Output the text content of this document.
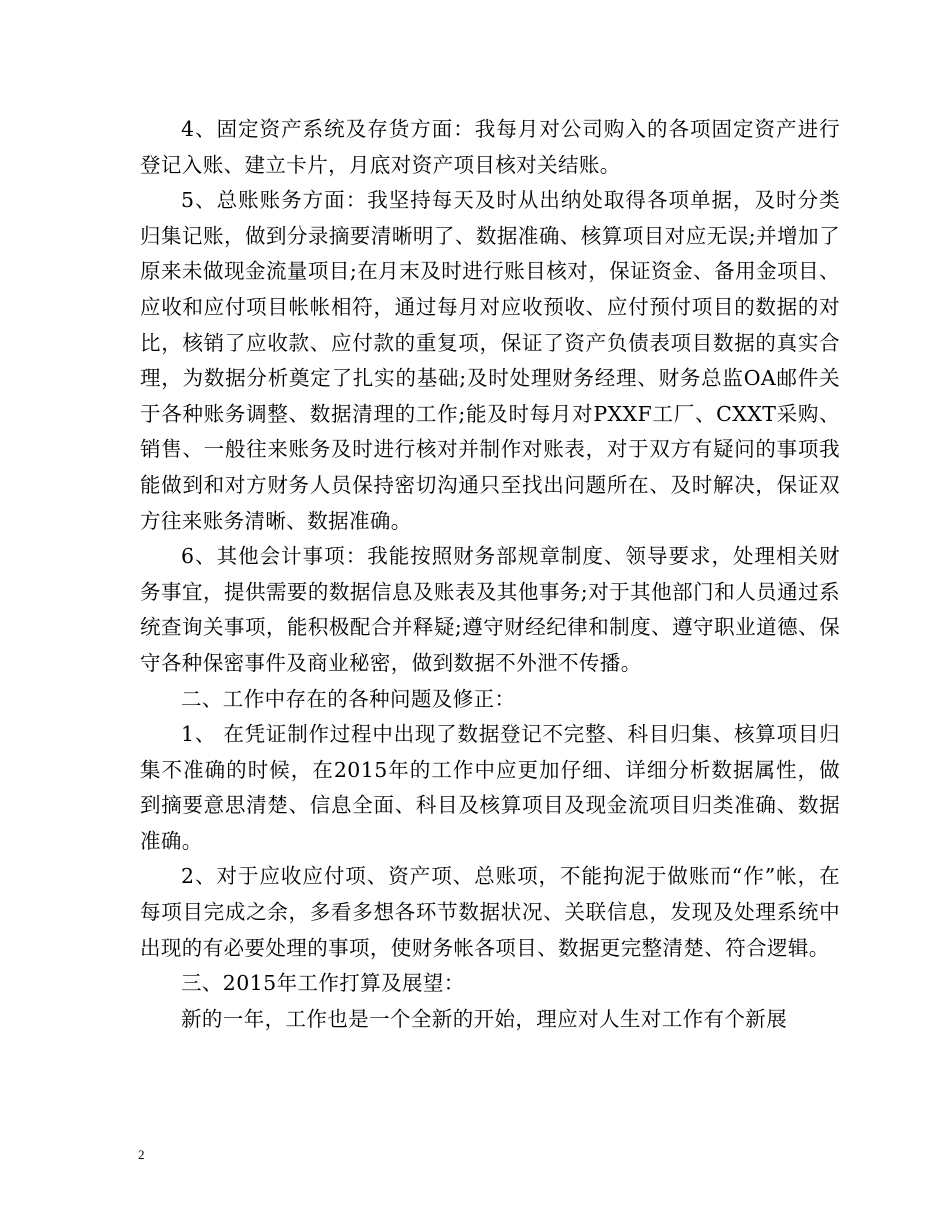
4、固定资产系统及存货方面：我每月对公司购入的各项固定资产进行登记入账、建立卡片，月底对资产项目核对关结账。

5、总账账务方面：我坚持每天及时从出纳处取得各项单据，及时分类归集记账，做到分录摘要清晰明了、数据准确、核算项目对应无误;并增加了原来未做现金流量项目;在月末及时进行账目核对，保证资金、备用金项目、应收和应付项目帐帐相符，通过每月对应收预收、应付预付项目的数据的对比，核销了应收款、应付款的重复项，保证了资产负债表项目数据的真实合理，为数据分析奠定了扎实的基础;及时处理财务经理、财务总监OA邮件关于各种账务调整、数据清理的工作;能及时每月对PXXF工厂、CXXT采购、销售、一般往来账务及时进行核对并制作对账表，对于双方有疑问的事项我能做到和对方财务人员保持密切沟通只至找出问题所在、及时解决，保证双方往来账务清晰、数据准确。

6、其他会计事项：我能按照财务部规章制度、领导要求，处理相关财务事宜，提供需要的数据信息及账表及其他事务;对于其他部门和人员通过系统查询关事项，能积极配合并释疑;遵守财经纪律和制度、遵守职业道德、保守各种保密事件及商业秘密，做到数据不外泄不传播。

二、工作中存在的各种问题及修正：

1、 在凭证制作过程中出现了数据登记不完整、科目归集、核算项目归集不准确的时候，在2015年的工作中应更加仔细、详细分析数据属性，做到摘要意思清楚、信息全面、科目及核算项目及现金流项目归类准确、数据准确。

2、对于应收应付项、资产项、总账项，不能拘泥于做账而“作”帐，在每项目完成之余，多看多想各环节数据状况、关联信息，发现及处理系统中出现的有必要处理的事项，使财务帐各项目、数据更完整清楚、符合逻辑。

三、2015年工作打算及展望：

新的一年，工作也是一个全新的开始，理应对人生对工作有个新展

2
